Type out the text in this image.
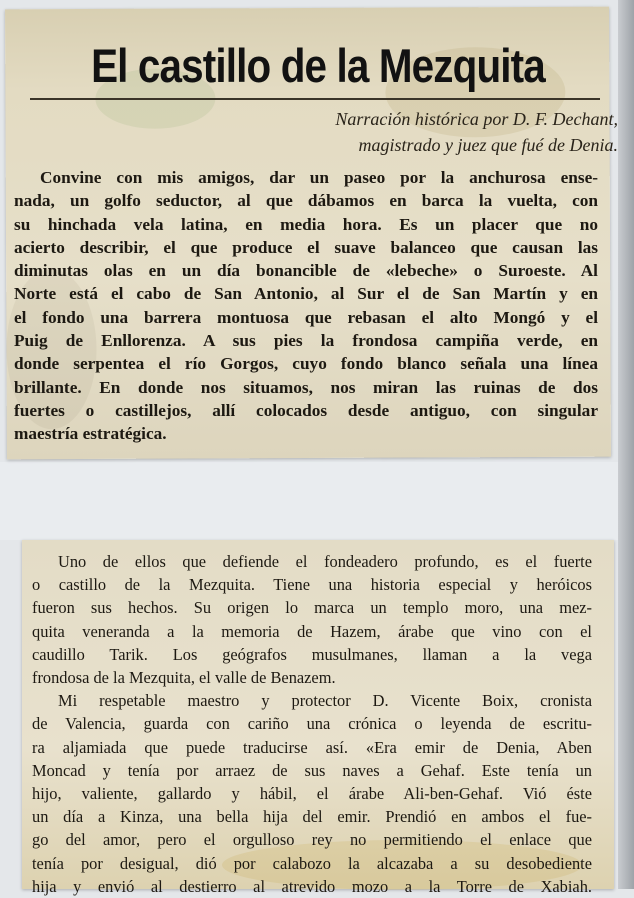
El castillo de la Mezquita
Narración histórica por D. F. Dechant,
magistrado y juez que fué de Denia.

Convine con mis amigos, dar un paseo por la anchurosa ense-
nada, un golfo seductor, al que dábamos en barca la vuelta, con
su hinchada vela latina, en media hora. Es un placer que no
acierto describir, el que produce el suave balanceo que causan las
diminutas olas en un día bonancible de «lebeche» o Suroeste. Al
Norte está el cabo de San Antonio, al Sur el de San Martín y en
el fondo una barrera montuosa que rebasan el alto Mongó y el
Puig de Enllorenza. A sus pies la frondosa campiña verde, en
donde serpentea el río Gorgos, cuyo fondo blanco señala una línea
brillante. En donde nos situamos, nos miran las ruinas de dos
fuertes o castillejos, allí colocados desde antiguo, con singular
maestría estratégica.

Uno de ellos que defiende el fondeadero profundo, es el fuerte
o castillo de la Mezquita. Tiene una historia especial y heróicos
fueron sus hechos. Su origen lo marca un templo moro, una mez-
quita veneranda a la memoria de Hazem, árabe que vino con el
caudillo Tarik. Los geógrafos musulmanes, llaman a la vega
frondosa de la Mezquita, el valle de Benazem.

Mi respetable maestro y protector D. Vicente Boix, cronista
de Valencia, guarda con cariño una crónica o leyenda de escritu-
ra aljamiada que puede traducirse así. «Era emir de Denia, Aben
Moncad y tenía por arraez de sus naves a Gehaf. Este tenía un
hijo, valiente, gallardo y hábil, el árabe Ali-ben-Gehaf. Vió éste
un día a Kinza, una bella hija del emir. Prendió en ambos el fue-
go del amor, pero el orgulloso rey no permitiendo el enlace que
tenía por desigual, dió por calabozo la alcazaba a su desobediente
hija y envió al destierro al atrevido mozo a la Torre de Xabiah.
